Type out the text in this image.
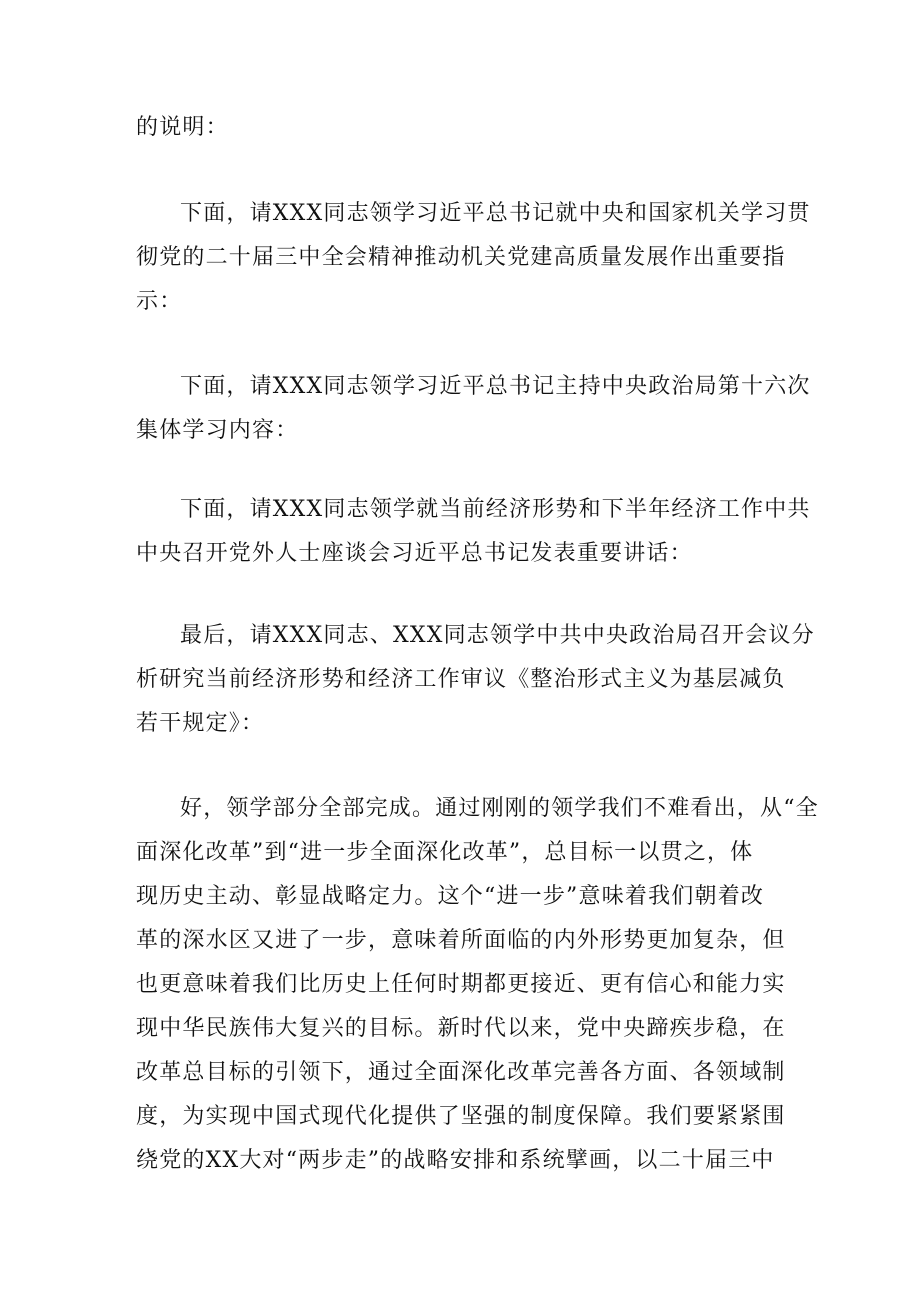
的说明：
下面，请XXX同志领学习近平总书记就中央和国家机关学习贯
彻党的二十届三中全会精神推动机关党建高质量发展作出重要指
示：
下面，请XXX同志领学习近平总书记主持中央政治局第十六次
集体学习内容：
下面，请XXX同志领学就当前经济形势和下半年经济工作中共
中央召开党外人士座谈会习近平总书记发表重要讲话：
最后，请XXX同志、XXX同志领学中共中央政治局召开会议分
析研究当前经济形势和经济工作审议《整治形式主义为基层减负
若干规定》：
好，领学部分全部完成。通过刚刚的领学我们不难看出，从“全
面深化改革”到“进一步全面深化改革”，总目标一以贯之，体
现历史主动、彰显战略定力。这个“进一步”意味着我们朝着改
革的深水区又进了一步，意味着所面临的内外形势更加复杂，但
也更意味着我们比历史上任何时期都更接近、更有信心和能力实
现中华民族伟大复兴的目标。新时代以来，党中央蹄疾步稳，在
改革总目标的引领下，通过全面深化改革完善各方面、各领域制
度，为实现中国式现代化提供了坚强的制度保障。我们要紧紧围
绕党的XX大对“两步走”的战略安排和系统擘画，以二十届三中
